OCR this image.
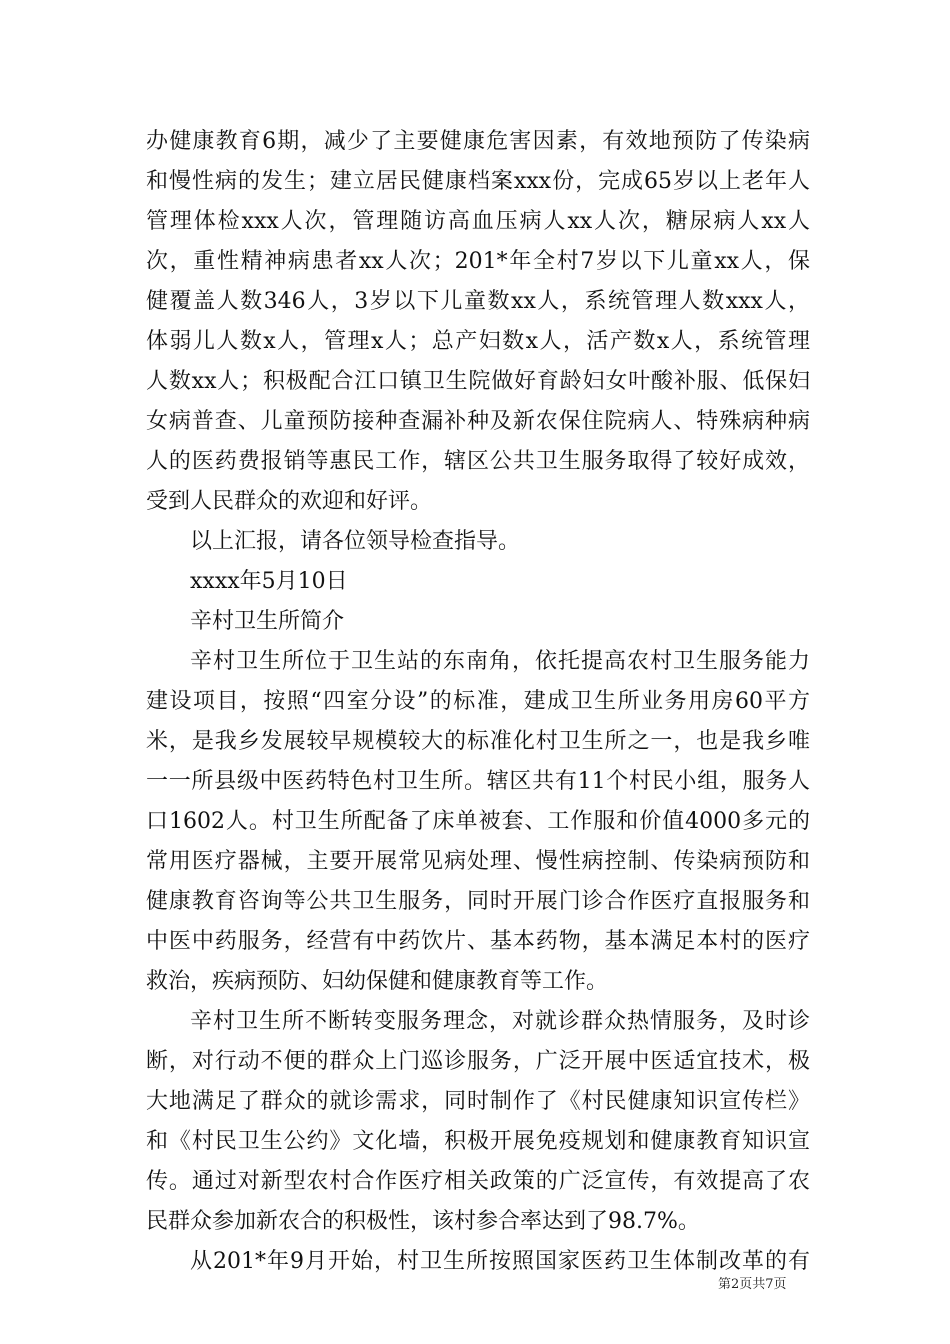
办健康教育6期，减少了主要健康危害因素，有效地预防了传染病
和慢性病的发生；建立居民健康档案xxx份，完成65岁以上老年人
管理体检xxx人次，管理随访高血压病人xx人次，糖尿病人xx人
次，重性精神病患者xx人次；201*年全村7岁以下儿童xx人，保
健覆盖人数346人，3岁以下儿童数xx人，系统管理人数xxx人，
体弱儿人数x人，管理x人；总产妇数x人，活产数x人，系统管理
人数xx人；积极配合江口镇卫生院做好育龄妇女叶酸补服、低保妇
女病普查、儿童预防接种查漏补种及新农保住院病人、特殊病种病
人的医药费报销等惠民工作，辖区公共卫生服务取得了较好成效，
受到人民群众的欢迎和好评。
以上汇报，请各位领导检查指导。
xxxx年5月10日
辛村卫生所简介
辛村卫生所位于卫生站的东南角，依托提高农村卫生服务能力
建设项目，按照“四室分设”的标准，建成卫生所业务用房60平方
米，是我乡发展较早规模较大的标准化村卫生所之一，也是我乡唯
一一所县级中医药特色村卫生所。辖区共有11个村民小组，服务人
口1602人。村卫生所配备了床单被套、工作服和价值4000多元的
常用医疗器械，主要开展常见病处理、慢性病控制、传染病预防和
健康教育咨询等公共卫生服务，同时开展门诊合作医疗直报服务和
中医中药服务，经营有中药饮片、基本药物，基本满足本村的医疗
救治，疾病预防、妇幼保健和健康教育等工作。
辛村卫生所不断转变服务理念，对就诊群众热情服务，及时诊
断，对行动不便的群众上门巡诊服务，广泛开展中医适宜技术，极
大地满足了群众的就诊需求，同时制作了《村民健康知识宣传栏》
和《村民卫生公约》文化墙，积极开展免疫规划和健康教育知识宣
传。通过对新型农村合作医疗相关政策的广泛宣传，有效提高了农
民群众参加新农合的积极性，该村参合率达到了98.7%。
从201*年9月开始，村卫生所按照国家医药卫生体制改革的有
第2页共7页
